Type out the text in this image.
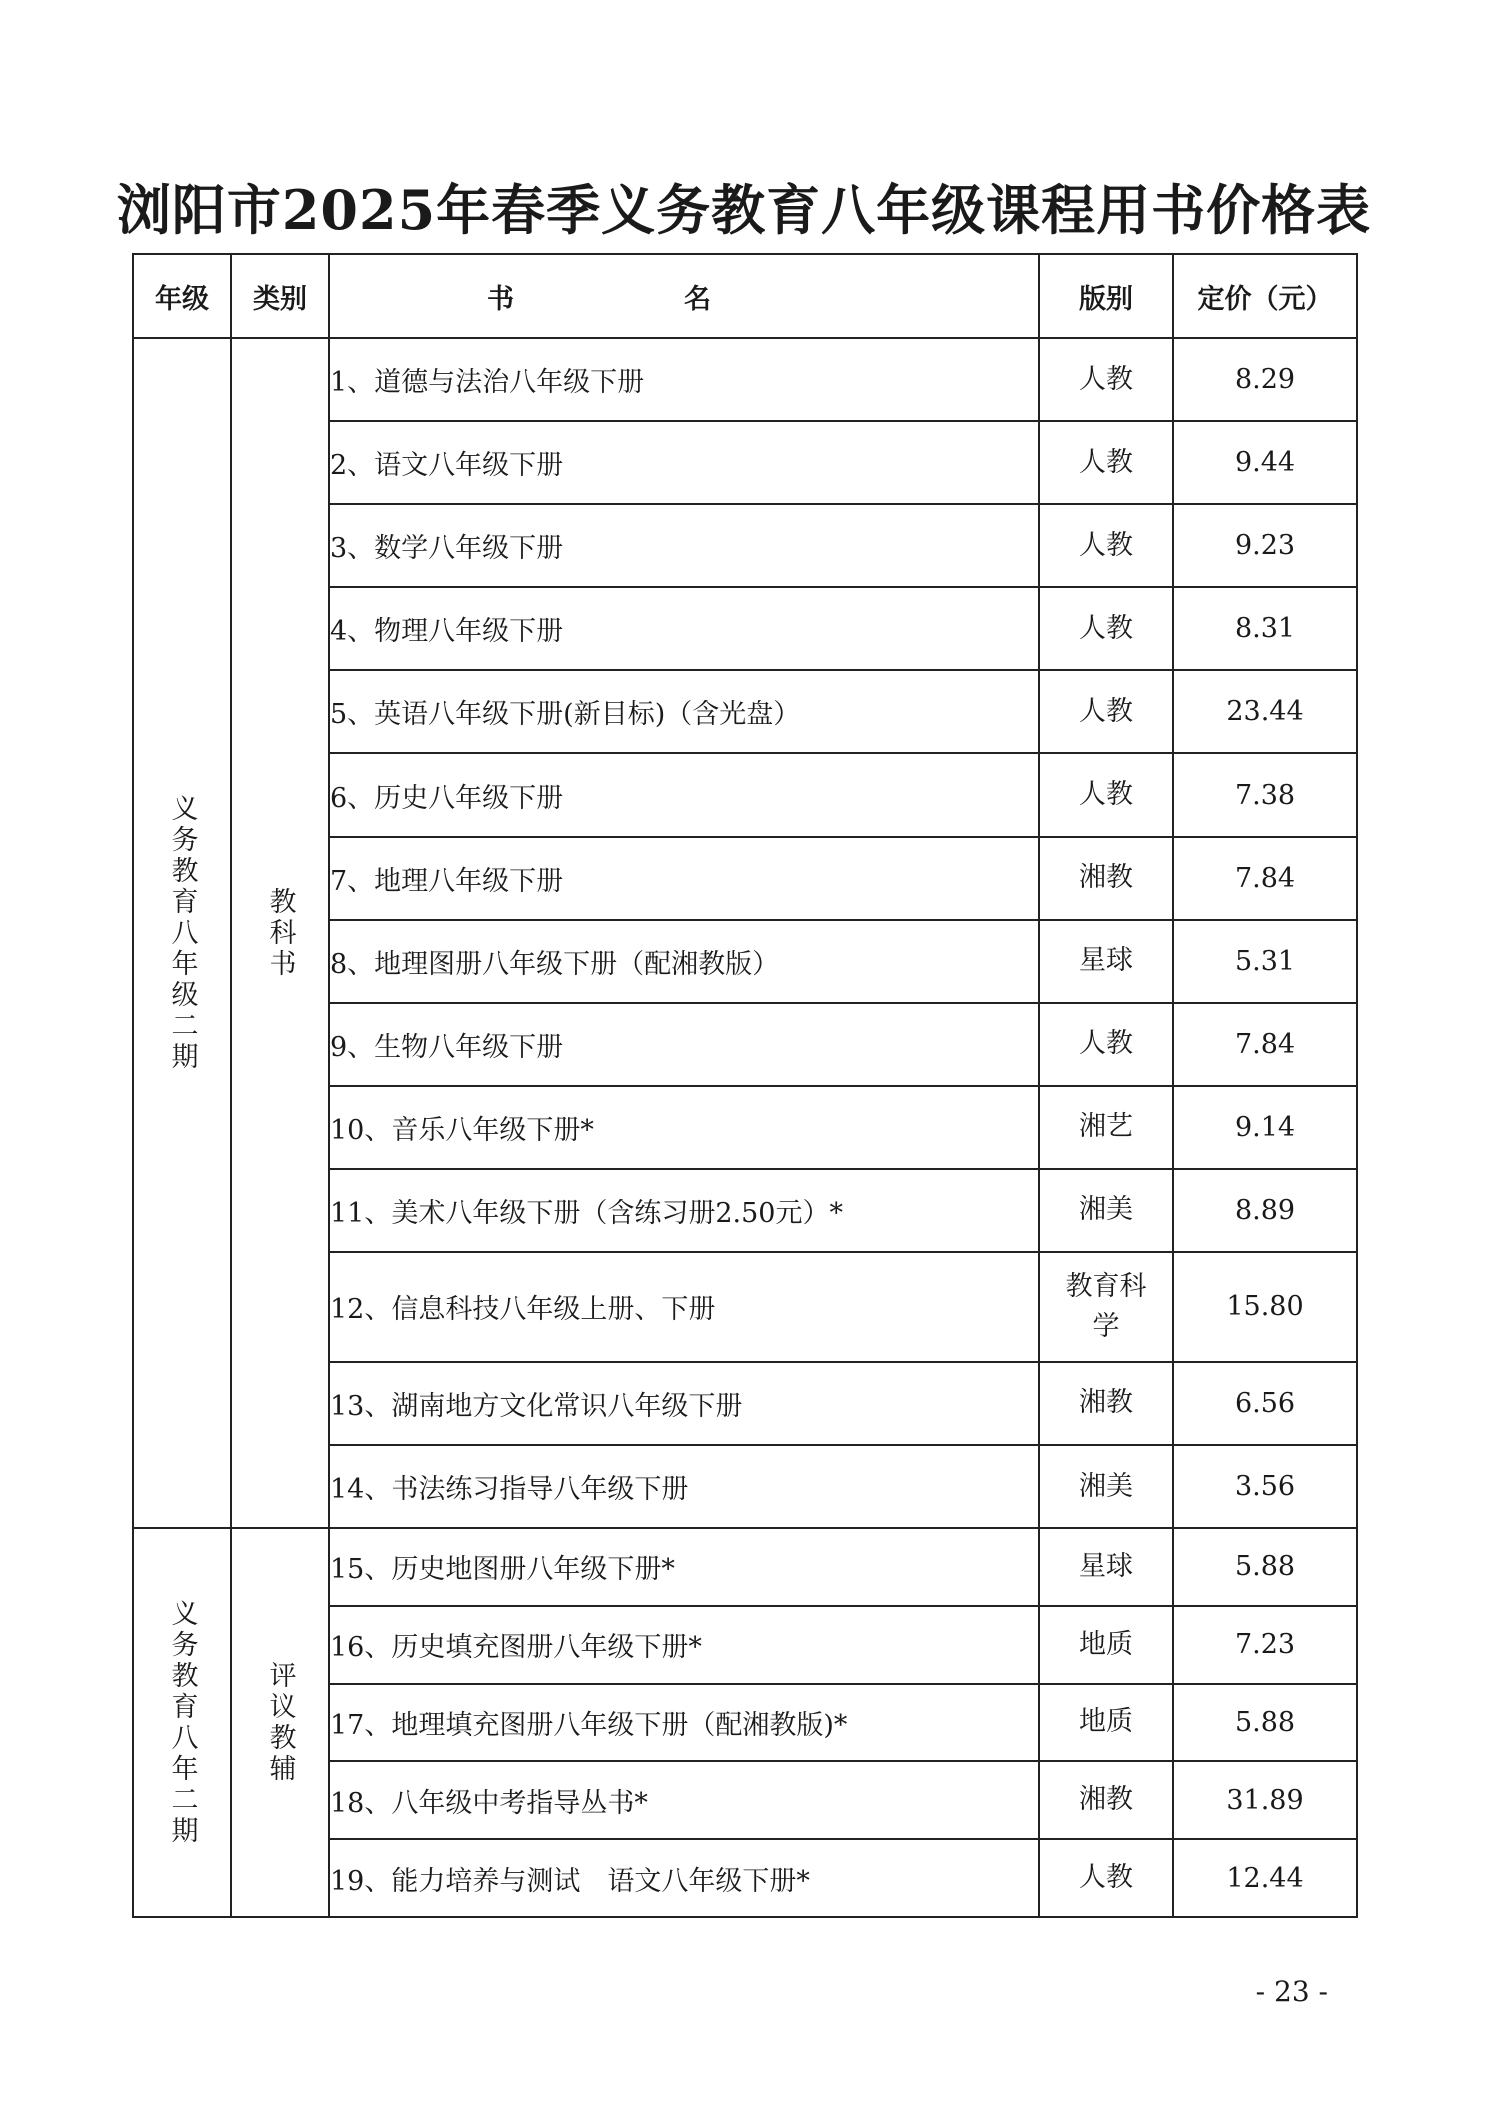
浏阳市2025年春季义务教育八年级课程用书价格表
年级	类别	书名	版别	定价（元）

义务教育八年级二期	教科书	1、道德与法治八年级下册	人教	8.29
		2、语文八年级下册	人教	9.44
		3、数学八年级下册	人教	9.23
		4、物理八年级下册	人教	8.31
		5、英语八年级下册(新目标)（含光盘）	人教	23.44
		6、历史八年级下册	人教	7.38
		7、地理八年级下册	湘教	7.84
		8、地理图册八年级下册（配湘教版）	星球	5.31
		9、生物八年级下册	人教	7.84
		10、音乐八年级下册*	湘艺	9.14
		11、美术八年级下册（含练习册2.50元）*	湘美	8.89
		12、信息科技八年级上册、下册	教育科学	15.80
		13、湖南地方文化常识八年级下册	湘教	6.56
		14、书法练习指导八年级下册	湘美	3.56

义务教育八年二期	评议教辅	15、历史地图册八年级下册*	星球	5.88
		16、历史填充图册八年级下册*	地质	7.23
		17、地理填充图册八年级下册（配湘教版)*	地质	5.88
		18、八年级中考指导丛书*	湘教	31.89
		19、能力培养与测试　语文八年级下册*	人教	12.44
- 23 -
